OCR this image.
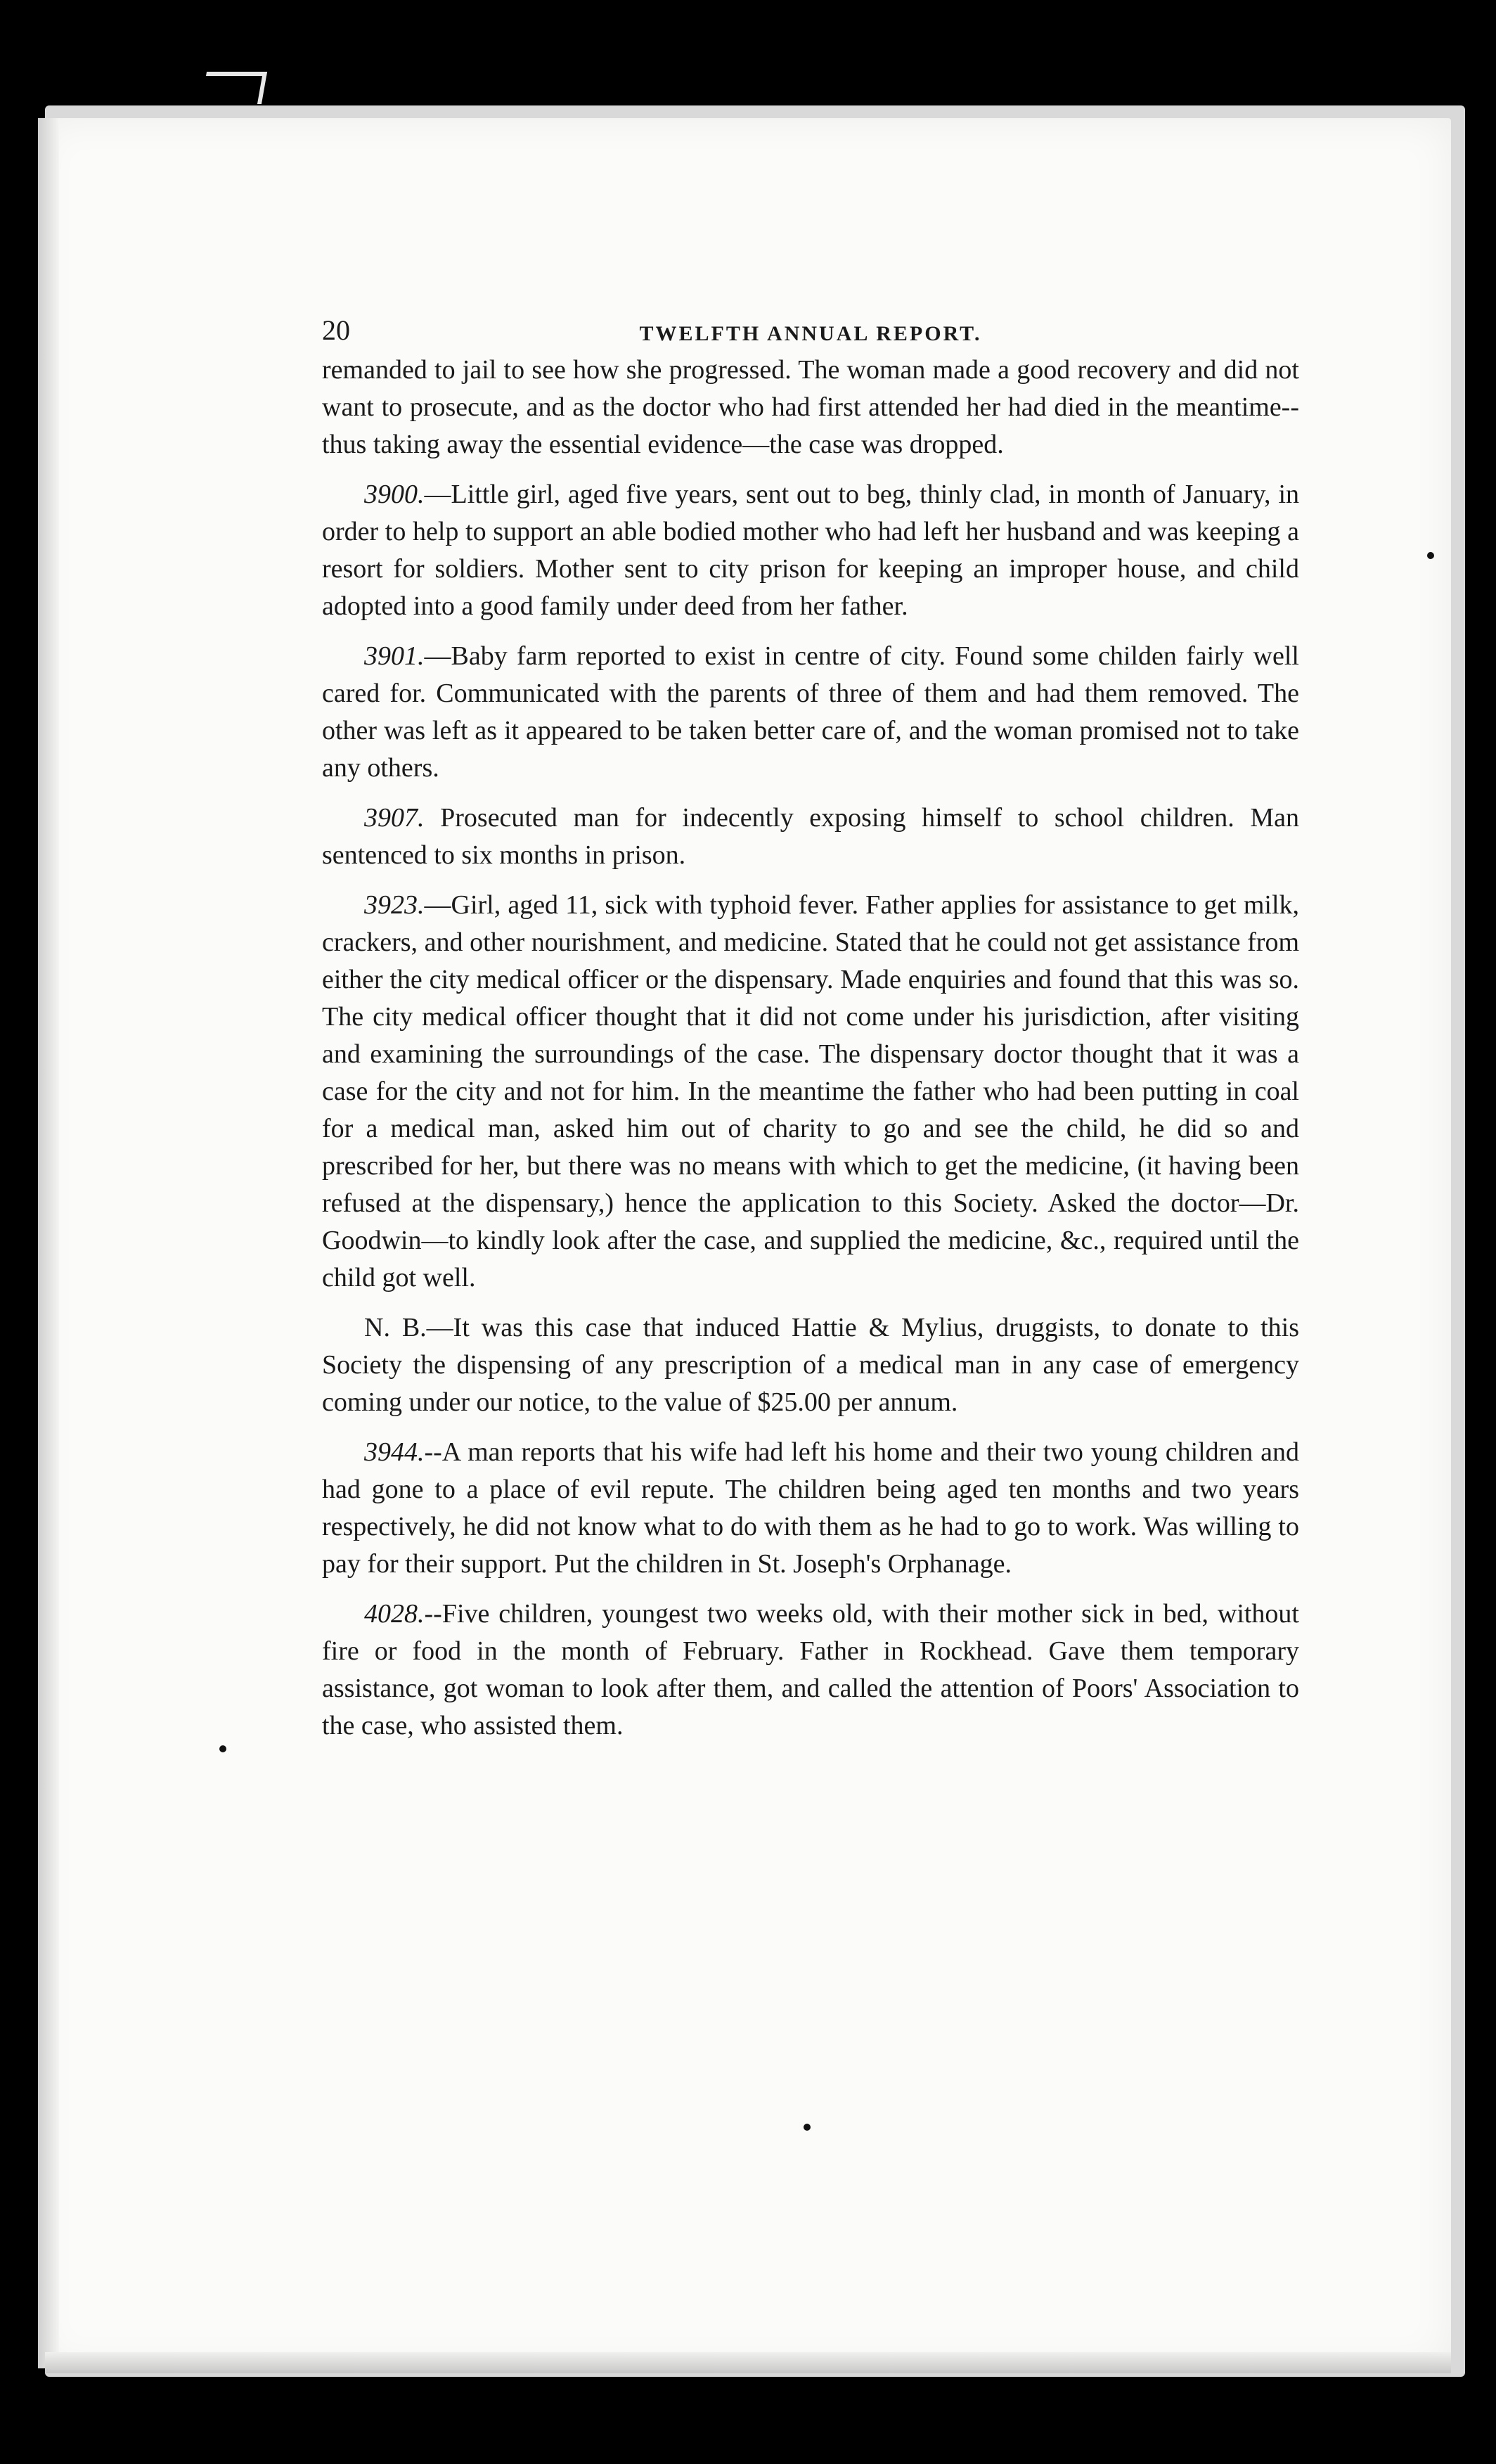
20	TWELFTH ANNUAL REPORT.

remanded to jail to see how she progressed. The woman made a good recovery and did not want to prosecute, and as the doctor who had first attended her had died in the meantime--thus taking away the essential evidence—the case was dropped.

3900.—Little girl, aged five years, sent out to beg, thinly clad, in month of January, in order to help to support an able bodied mother who had left her husband and was keeping a resort for soldiers. Mother sent to city prison for keeping an improper house, and child adopted into a good family under deed from her father.

3901.—Baby farm reported to exist in centre of city. Found some childen fairly well cared for. Communicated with the parents of three of them and had them removed. The other was left as it appeared to be taken better care of, and the woman promised not to take any others.

3907. Prosecuted man for indecently exposing himself to school children. Man sentenced to six months in prison.

3923.—Girl, aged 11, sick with typhoid fever. Father applies for assistance to get milk, crackers, and other nourishment, and medicine. Stated that he could not get assistance from either the city medical officer or the dispensary. Made enquiries and found that this was so. The city medical officer thought that it did not come under his jurisdiction, after visiting and examining the surroundings of the case. The dispensary doctor thought that it was a case for the city and not for him. In the meantime the father who had been putting in coal for a medical man, asked him out of charity to go and see the child, he did so and prescribed for her, but there was no means with which to get the medicine, (it having been refused at the dispensary,) hence the application to this Society. Asked the doctor—Dr. Goodwin—to kindly look after the case, and supplied the medicine, &c., required until the child got well.

N. B.—It was this case that induced Hattie & Mylius, druggists, to donate to this Society the dispensing of any prescription of a medical man in any case of emergency coming under our notice, to the value of $25.00 per annum.

3944.--A man reports that his wife had left his home and their two young children and had gone to a place of evil repute. The children being aged ten months and two years respectively, he did not know what to do with them as he had to go to work. Was willing to pay for their support. Put the children in St. Joseph's Orphanage.

4028.--Five children, youngest two weeks old, with their mother sick in bed, without fire or food in the month of February. Father in Rockhead. Gave them temporary assistance, got woman to look after them, and called the attention of Poors' Association to the case, who assisted them.
